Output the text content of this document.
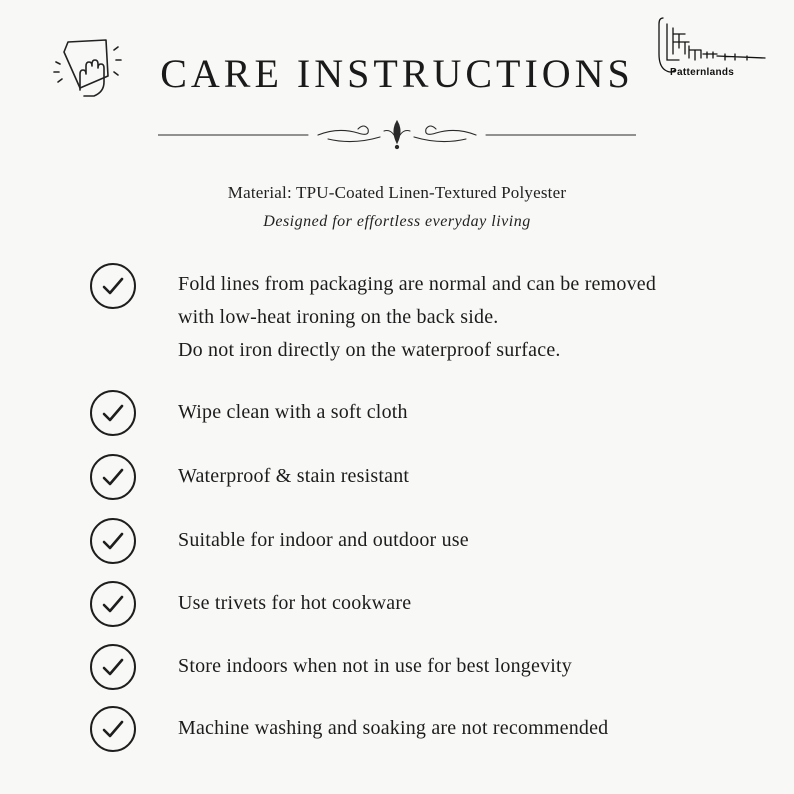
CARE INSTRUCTIONS	Patternlands
Material: TPU-Coated Linen-Textured Polyester
Designed for effortless everyday living
Fold lines from packaging are normal and can be removed
with low-heat ironing on the back side.
Do not iron directly on the waterproof surface.
Wipe clean with a soft cloth
Waterproof & stain resistant
Suitable for indoor and outdoor use
Use trivets for hot cookware
Store indoors when not in use for best longevity
Machine washing and soaking are not recommended
